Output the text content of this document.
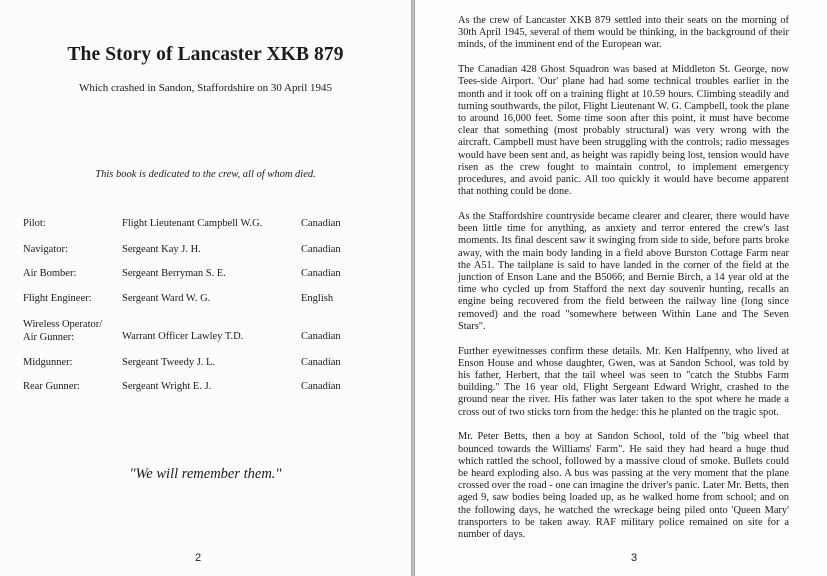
The Story of Lancaster XKB 879
Which crashed in Sandon, Staffordshire on 30 April 1945
This book is dedicated to the crew, all of whom died.
Pilot:	Flight Lieutenant Campbell W.G.	Canadian
Navigator:	Sergeant Kay J. H.	Canadian
Air Bomber:	Sergeant Berryman S. E.	Canadian
Flight Engineer:	Sergeant Ward W. G.	English
Wireless Operator/
Air Gunner:	Warrant Officer Lawley T.D.	Canadian
Midgunner:	Sergeant Tweedy J. L.	Canadian
Rear Gunner:	Sergeant Wright E. J.	Canadian
"We will remember them."
2

As the crew of Lancaster XKB 879 settled into their seats on the morning of 30th April 1945, several of them would be thinking, in the background of their minds, of the imminent end of the European war.

The Canadian 428 Ghost Squadron was based at Middleton St. George, now Tees-side Airport. 'Our' plane had had some technical troubles earlier in the month and it took off on a training flight at 10.59 hours. Climbing steadily and turning southwards, the pilot, Flight Lieutenant W. G. Campbell, took the plane to around 16,000 feet. Some time soon after this point, it must have become clear that something (most probably structural) was very wrong with the aircraft. Campbell must have been struggling with the controls; radio messages would have been sent and, as height was rapidly being lost, tension would have risen as the crew fought to maintain control, to implement emergency procedures, and avoid panic. All too quickly it would have become apparent that nothing could be done.

As the Staffordshire countryside became clearer and clearer, there would have been little time for anything, as anxiety and terror entered the crew's last moments. Its final descent saw it swinging from side to side, before parts broke away, with the main body landing in a field above Burston Cottage Farm near the A51. The tailplane is said to have landed in the corner of the field at the junction of Enson Lane and the B5066; and Bernie Birch, a 14 year old at the time who cycled up from Stafford the next day souvenir hunting, recalls an engine being recovered from the field between the railway line (long since removed) and the road "somewhere between Within Lane and The Seven Stars".

Further eyewitnesses confirm these details. Mr. Ken Halfpenny, who lived at Enson House and whose daughter, Gwen, was at Sandon School, was told by his father, Herbert, that the tail wheel was seen to "catch the Stubbs Farm building." The 16 year old, Flight Sergeant Edward Wright, crashed to the ground near the river. His father was later taken to the spot where he made a cross out of two sticks torn from the hedge: this he planted on the tragic spot.

Mr. Peter Betts, then a boy at Sandon School, told of the "big wheel that bounced towards the Williams' Farm". He said they had heard a huge thud which rattled the school, followed by a massive cloud of smoke. Bullets could be heard exploding also. A bus was passing at the very moment that the plane crossed over the road - one can imagine the driver's panic. Later Mr. Betts, then aged 9, saw bodies being loaded up, as he walked home from school; and on the following days, he watched the wreckage being piled onto 'Queen Mary' transporters to be taken away. RAF military police remained on site for a number of days.

3
